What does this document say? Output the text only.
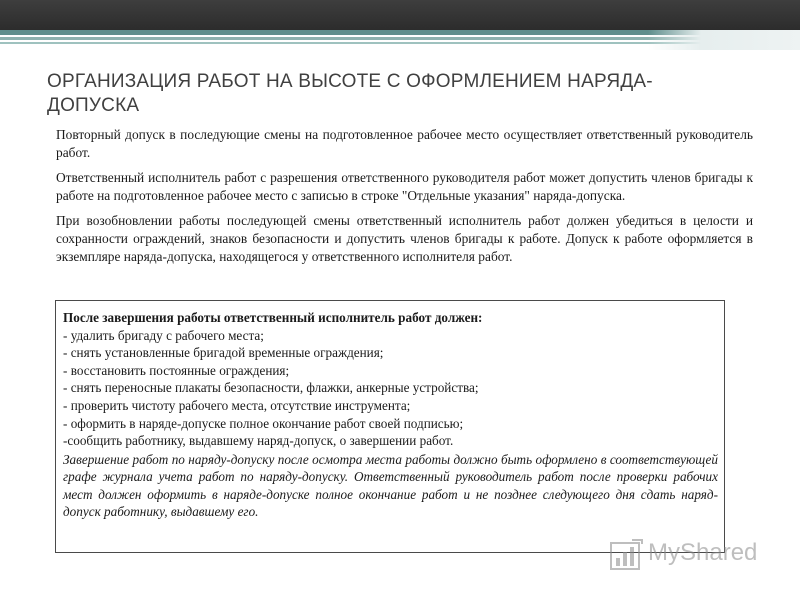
ОРГАНИЗАЦИЯ РАБОТ НА ВЫСОТЕ С ОФОРМЛЕНИЕМ НАРЯДА-ДОПУСКА

Повторный допуск в последующие смены на подготовленное рабочее место осуществляет ответственный руководитель работ.

Ответственный исполнитель работ с разрешения ответственного руководителя работ может допустить членов бригады к работе на подготовленное рабочее место с записью в строке "Отдельные указания" наряда-допуска.

При возобновлении работы последующей смены ответственный исполнитель работ должен убедиться в целости и сохранности ограждений, знаков безопасности и допустить членов бригады к работе. Допуск к работе оформляется в экземпляре наряда-допуска, находящегося у ответственного исполнителя работ.

После завершения работы ответственный исполнитель работ должен:
- удалить бригаду с рабочего места;
- снять установленные бригадой временные ограждения;
- восстановить постоянные ограждения;
- снять переносные плакаты безопасности, флажки, анкерные устройства;
- проверить чистоту рабочего места, отсутствие инструмента;
- оформить в наряде-допуске полное окончание работ своей подписью;
-сообщить работнику, выдавшему наряд-допуск, о завершении работ.
Завершение работ по наряду-допуску после осмотра места работы должно быть оформлено в соответствующей графе журнала учета работ по наряду-допуску. Ответственный руководитель работ после проверки рабочих мест должен оформить в наряде-допуске полное окончание работ и не позднее следующего дня сдать наряд-допуск работнику, выдавшему его.
MyShared
